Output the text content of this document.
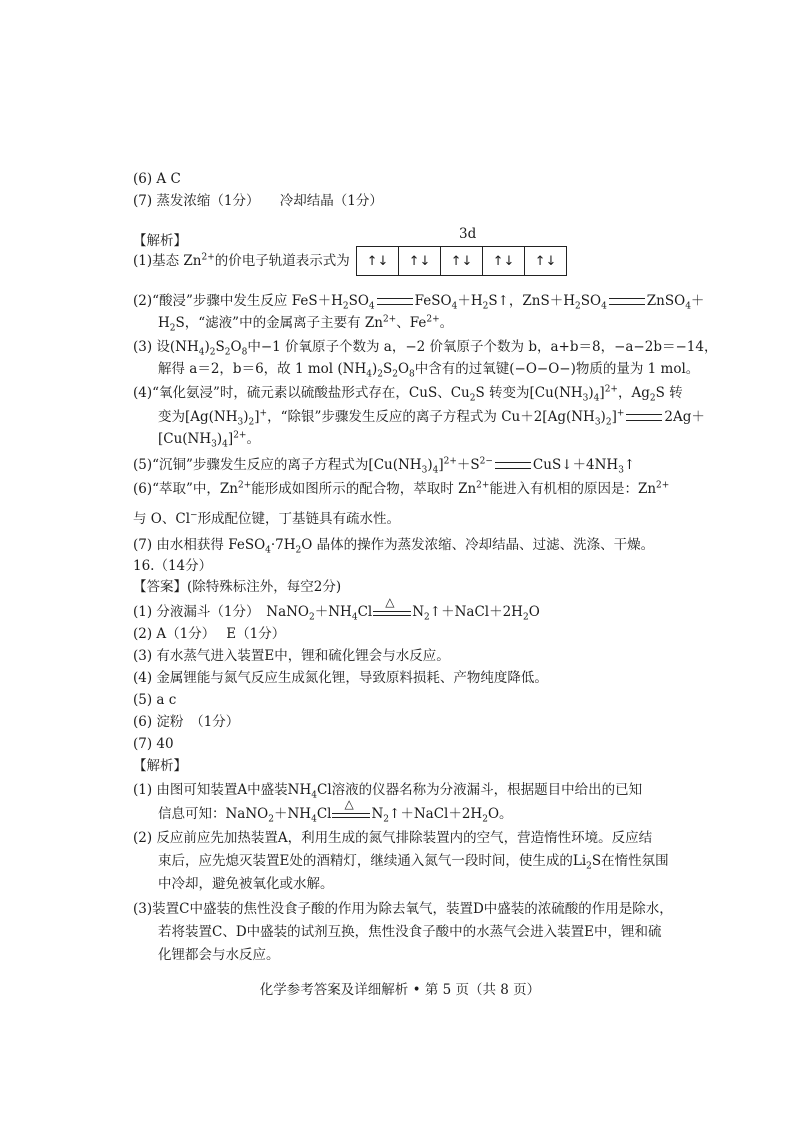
(6) A C
(7) 蒸发浓缩（1分）　　冷却结晶（1分）
【解析】	3d
(1)基态 $Zn^{2+}$的价电子轨道表示式为 ↑↓	↑↓	↑↓	↑↓	↑↓
(2)“酸浸”步骤中发生反应 $FeS+H_2SO_4$	$FeSO_4+H_2S↑$，$ZnS+H_2SO_4$	ZnSO$_4$＋
$H_2S$，“滤液”中的金属离子主要有 $Zn^{2+}$、$Fe^{2+}$。
(3) 设$(NH_4)_2S_2O_8$中−1 价氧原子个数为 a，−2 价氧原子个数为 b，a+b＝8，−a−2b＝−14，
解得 a＝2，b＝6，故 1 mol $(NH_4)_2S_2O_8$中含有的过氧键(−O−O−)物质的量为 1 mol。
(4)“氧化氨浸”时，硫元素以硫酸盐形式存在，CuS、$Cu_2S$ 转变为$[Cu(NH_3)_4]^{2+}$，$Ag_2S$ 转
变为$[Ag(NH_3)_2]^+$，“除银”步骤发生反应的离子方程式为 $Cu+2[Ag(NH_3)_2]^+$	2Ag＋
$[Cu(NH_3)_4]^{2+}$。
(5)“沉铜”步骤发生反应的离子方程式为$[Cu(NH_3)_4]^{2+}+S^{2-}$	$CuS↓+4NH_3↑$
(6)“萃取”中，$Zn^{2+}$能形成如图所示的配合物，萃取时 $Zn^{2+}$能进入有机相的原因是：$Zn^{2+}$
与 O、Cl−形成配位键，丁基链具有疏水性。
(7) 由水相获得 $FeSO_4\cdot 7H_2O$ 晶体的操作为蒸发浓缩、冷却结晶、过滤、洗涤、干燥。
16.（14分）
【答案】(除特殊标注外，每空2分)
(1) 分液漏斗（1分）　$NaNO_2+NH_4Cl$
△
$N_2↑+NaCl+2H_2O$
(2) A（1分）　 E（1分）
(3) 有水蒸气进入装置E中，锂和硫化锂会与水反应。
(4) 金属锂能与氮气反应生成氮化锂，导致原料损耗、产物纯度降低。
(5) a c
(6) 淀粉　（1分）
(7) 40
【解析】
(1) 由图可知装置A中盛装$NH_4Cl$溶液的仪器名称为分液漏斗，根据题目中给出的已知
信息可知：$NaNO_2+NH_4Cl$
△
$N_2↑+NaCl+2H_2O$。
(2) 反应前应先加热装置A，利用生成的氮气排除装置内的空气，营造惰性环境。反应结
束后，应先熄灭装置E处的酒精灯，继续通入氮气一段时间，使生成的$Li_2S$在惰性氛围
中冷却，避免被氧化或水解。
(3)装置C中盛装的焦性没食子酸的作用为除去氧气，装置D中盛装的浓硫酸的作用是除水，
若将装置C、D中盛装的试剂互换，焦性没食子酸中的水蒸气会进入装置E中，锂和硫
化锂都会与水反应。
化学参考答案及详细解析 • 第 5 页（共 8 页）
